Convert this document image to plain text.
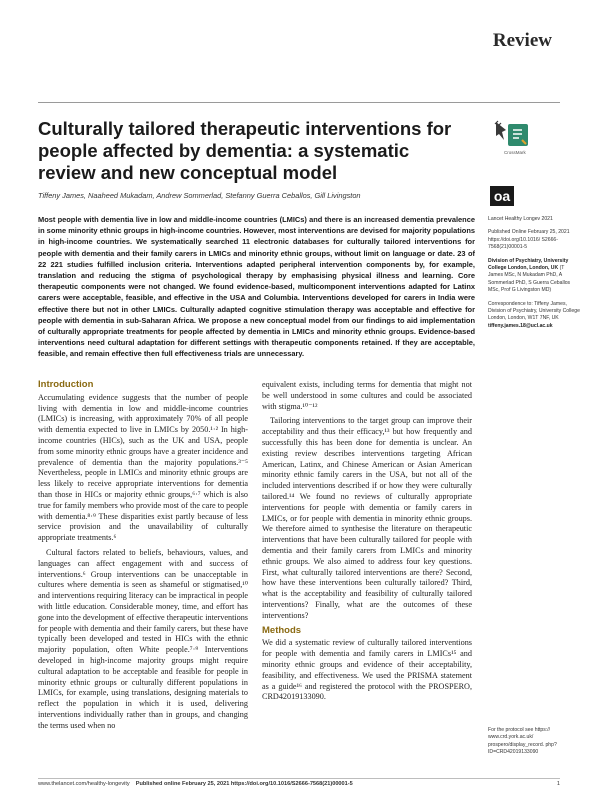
Review
Culturally tailored therapeutic interventions for people affected by dementia: a systematic review and new conceptual model
Tiffeny James, Naaheed Mukadam, Andrew Sommerlad, Stefanny Guerra Ceballos, Gill Livingston
CrossMark
oa

Most people with dementia live in low and middle-income countries (LMICs) and there is an increased dementia prevalence in some minority ethnic groups in high-income countries. However, most interventions are devised for majority populations in high-income countries. We systematically searched 11 electronic databases for culturally tailored interventions for people with dementia and their family carers in LMICs and minority ethnic groups, without limit on language or date. 23 of 22 221 studies fulfilled inclusion criteria. Interventions adapted peripheral intervention components by, for example, translation and reducing the stigma of psychological therapy by emphasising physical illness and learning. Core therapeutic components were not changed. We found evidence-based, multicomponent interventions adapted for Latinx carers were acceptable, feasible, and effective in the USA and Columbia. Interventions developed for carers in India were effective there but not in other LMICs. Culturally adapted cognitive stimulation therapy was acceptable and effective for people with dementia in sub-Saharan Africa. We propose a new conceptual model from our findings to aid implementation of culturally appropriate treatments for people affected by dementia in LMICs and minority ethnic groups. Evidence-based interventions need cultural adaptation for different settings with therapeutic components retained. If they are acceptable, feasible, and remain effective then full effectiveness trials are unnecessary.

Lancet Healthy Longev 2021

Published Online February 25, 2021 https://doi.org/10.1016/ S2666-7568(21)00001-5

Division of Psychiatry, University College London, London, UK (T James MSc, N Mukadam PhD, A Sommerlad PhD, S Guerra Ceballos MSc, Prof G Livingston MD)

Correspondence to: Tiffeny James, Division of Psychiatry, University College London, London, W1T 7NF, UK
tiffeny.james.18@ucl.ac.uk

For the protocol see https:// www.crd.york.ac.uk/ prospero/display_record. php?ID=CRD42019133090

Introduction

Accumulating evidence suggests that the number of people living with dementia in low and middle-income countries (LMICs) is increasing, with approximately 70% of all people with dementia expected to live in LMICs by 2050.¹·² In high-income countries (HICs), such as the UK and USA, people from some minority ethnic groups have a greater incidence and prevalence of dementia than the majority populations.³⁻⁵ Nevertheless, people in LMICs and minority ethnic groups are less likely to receive appropriate interventions for dementia than those in HICs or majority ethnic groups,⁶·⁷ which is also true for family members who provide most of the care to people with dementia.⁸·⁹ These disparities exist partly because of less service provision and the unavailability of culturally appropriate treatments.⁶

Cultural factors related to beliefs, behaviours, values, and languages can affect engagement with and success of interventions.⁶ Group interventions can be unacceptable in cultures where dementia is seen as shameful or stigmatised,¹⁰ and interventions requiring literacy can be impractical in people with little education. Considerable money, time, and effort has gone into the development of effective therapeutic interventions for people with dementia and their family carers, but these have typically been developed and tested in HICs with the ethnic majority population, often White people.⁷·⁹ Interventions developed in high-income majority groups might require cultural adaptation to be acceptable and feasible for people in minority ethnic groups or culturally different populations in LMICs, for example, using translations, designing materials to reflect the population in which it is used, delivering interventions individually rather than in groups, and changing the terms used when no

equivalent exists, including terms for dementia that might not be well understood in some cultures and could be associated with stigma.¹⁰⁻¹²

Tailoring interventions to the target group can improve their acceptability and thus their efficacy,¹³ but how frequently and successfully this has been done for dementia is unclear. An existing review describes interventions targeting African American, Latinx, and Chinese American or Asian American minority ethnic family carers in the USA, but not all of the included interventions described if or how they were culturally tailored.¹⁴ We found no reviews of culturally appropriate interventions for people with dementia or family carers in LMICs, or for people with dementia in minority ethnic groups. We therefore aimed to synthesise the literature on therapeutic interventions that have been culturally tailored for people with dementia and their family carers from LMICs and minority ethnic groups. We also aimed to address four key questions. First, what culturally tailored interventions are there? Second, how have these interventions been culturally tailored? Third, what is the acceptability and feasibility of culturally tailored interventions? Finally, what are the outcomes of these interventions?

Methods

We did a systematic review of culturally tailored interventions for people with dementia and family carers in LMICs¹⁵ and minority ethnic groups and evidence of their acceptability, feasibility, and effectiveness. We used the PRISMA statement as a guide¹⁶ and registered the protocol with the PROSPERO, CRD42019133090.

www.thelancet.com/healthy-longevity Published online February 25, 2021 https://doi.org/10.1016/S2666-7568(21)00001-5	1
